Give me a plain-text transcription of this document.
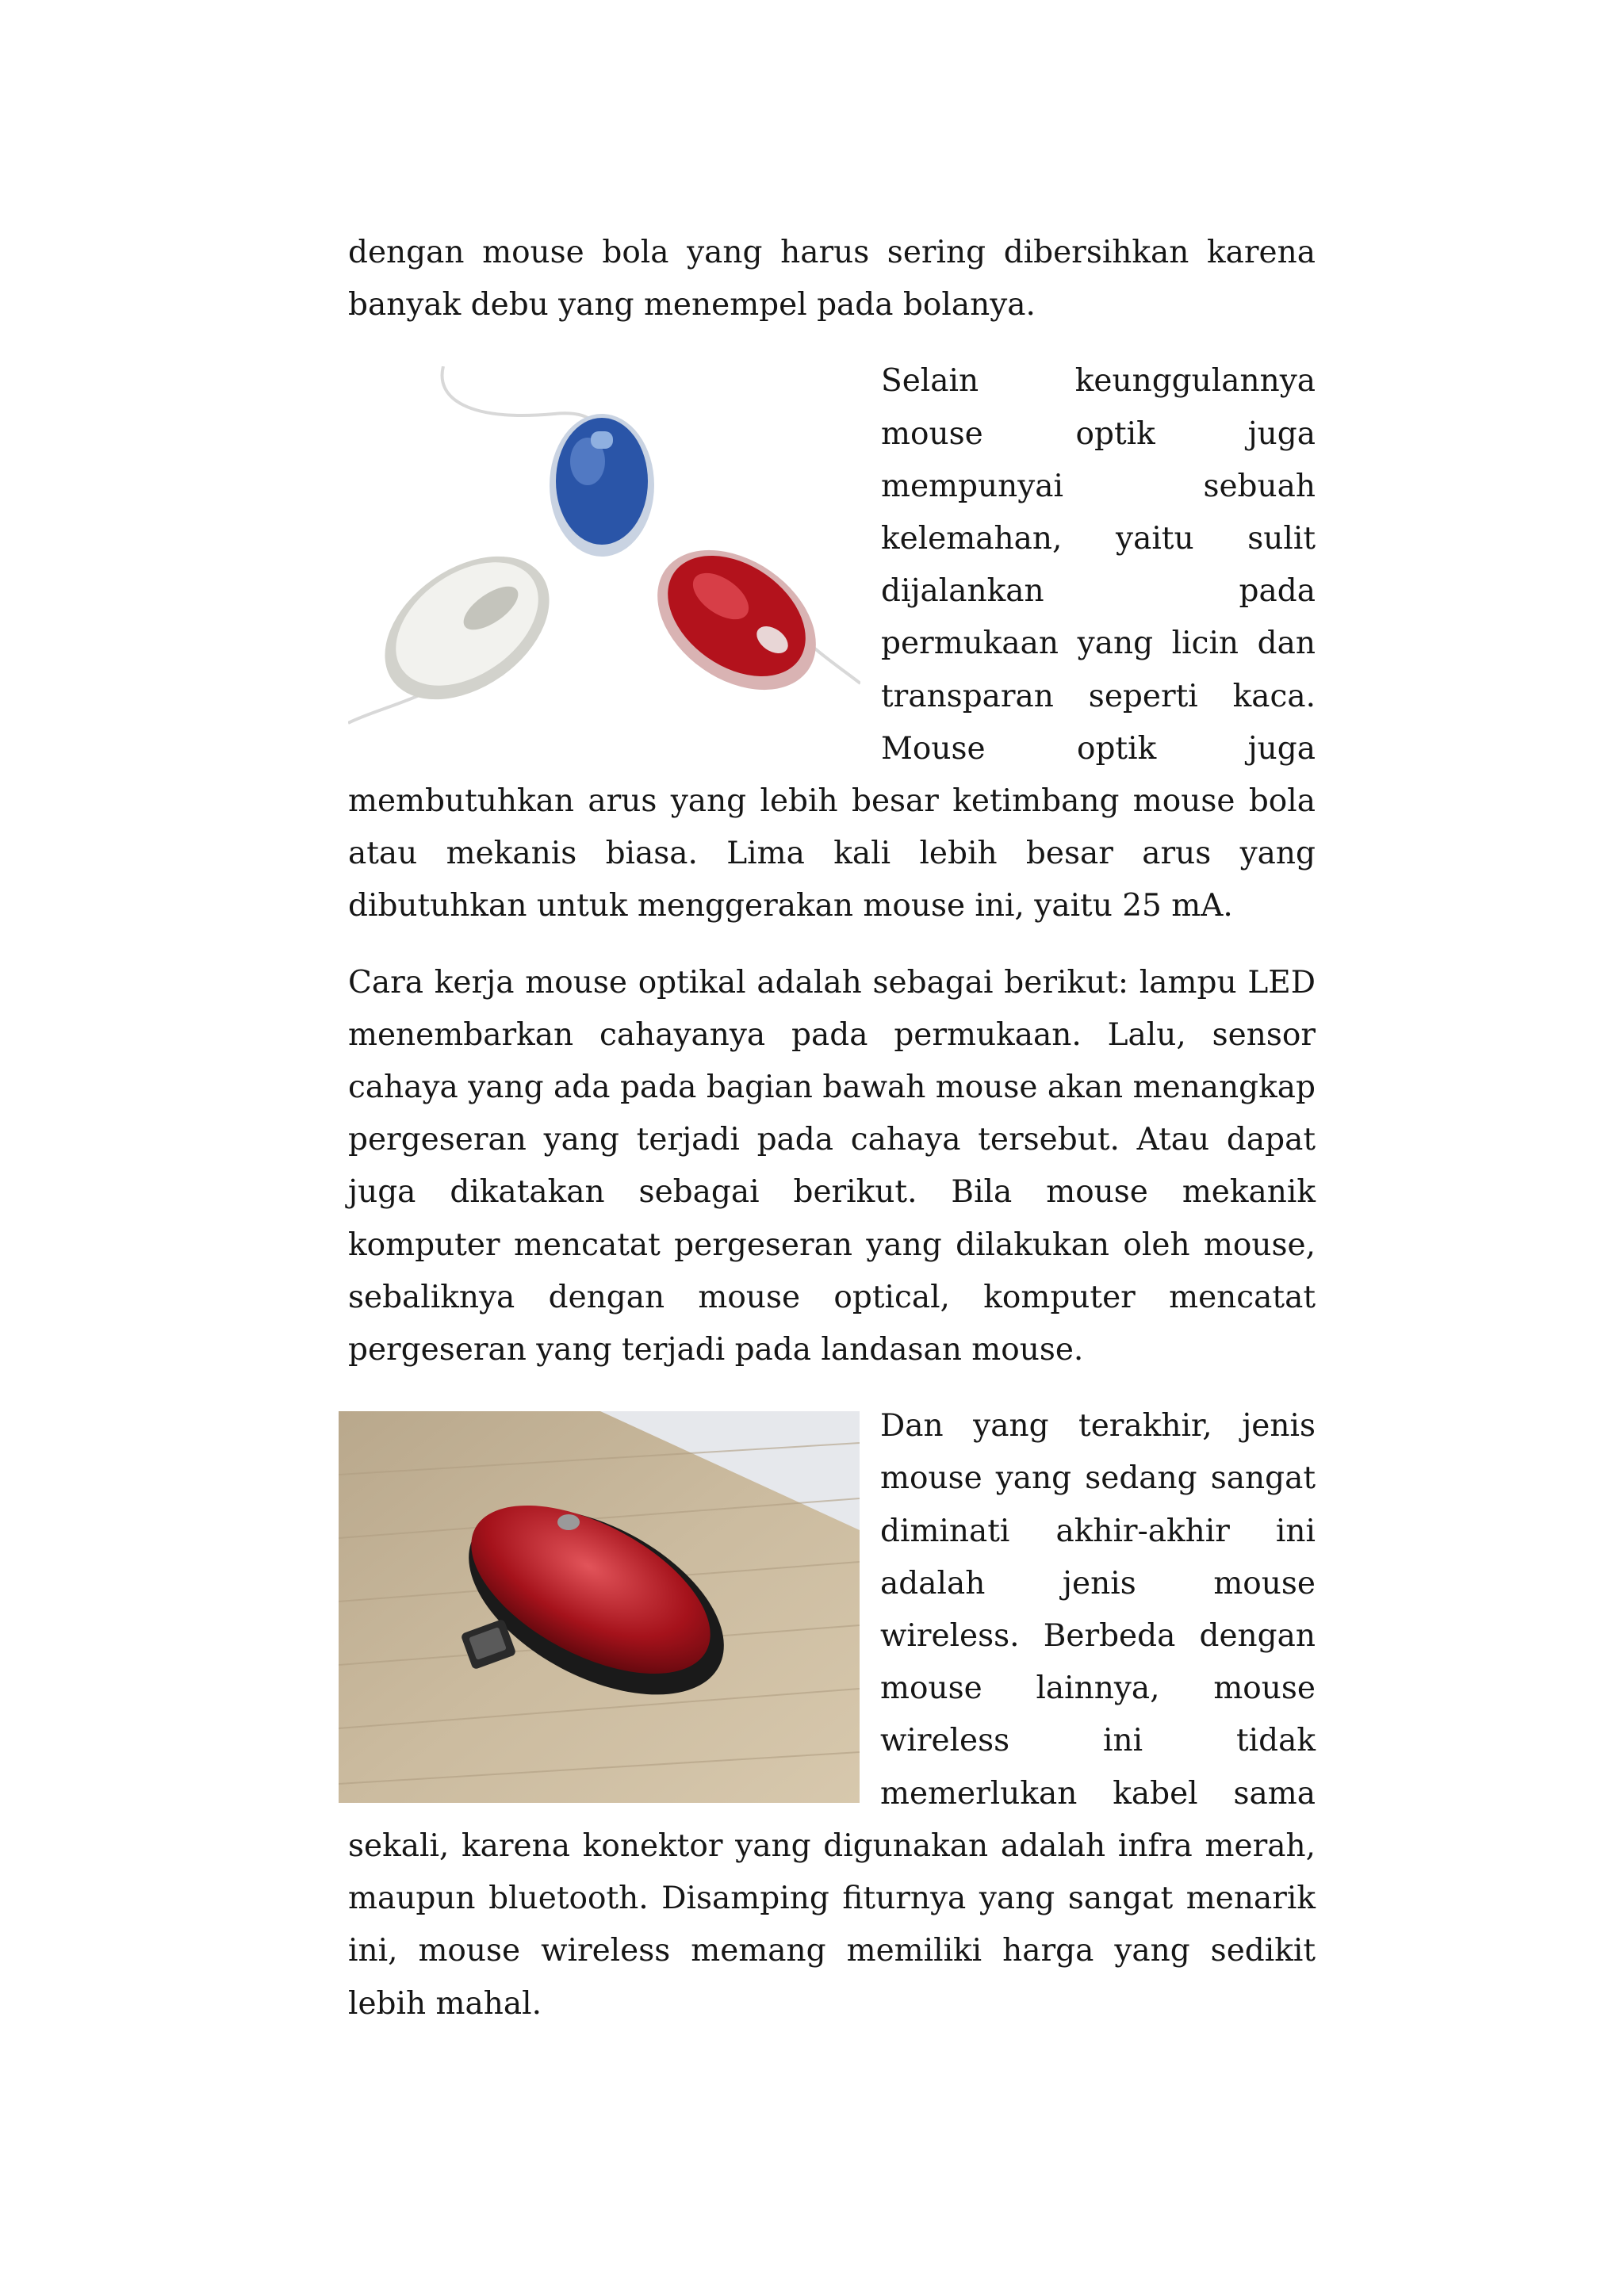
dengan mouse bola yang harus sering dibersihkan karena banyak debu yang menempel pada bolanya.

Selain keunggulannya mouse optik juga mempunyai sebuah kelemahan, yaitu sulit dijalankan pada permukaan yang licin dan transparan seperti kaca. Mouse optik juga membutuhkan arus yang lebih besar ketimbang mouse bola atau mekanis biasa. Lima kali lebih besar arus yang dibutuhkan untuk menggerakan mouse ini, yaitu 25 mA.

Cara kerja mouse optikal adalah sebagai berikut: lampu LED menembarkan cahayanya pada permukaan. Lalu, sensor cahaya yang ada pada bagian bawah mouse akan menangkap pergeseran yang terjadi pada cahaya tersebut. Atau dapat juga dikatakan sebagai berikut. Bila mouse mekanik komputer mencatat pergeseran yang dilakukan oleh mouse, sebaliknya dengan mouse optical, komputer mencatat pergeseran yang terjadi pada landasan mouse.

Dan yang terakhir, jenis mouse yang sedang sangat diminati akhir-akhir ini adalah jenis mouse wireless. Berbeda dengan mouse lainnya, mouse wireless ini tidak memerlukan kabel sama sekali, karena konektor yang digunakan adalah infra merah, maupun bluetooth. Disamping fiturnya yang sangat menarik ini, mouse wireless memang memiliki harga yang sedikit lebih mahal.
